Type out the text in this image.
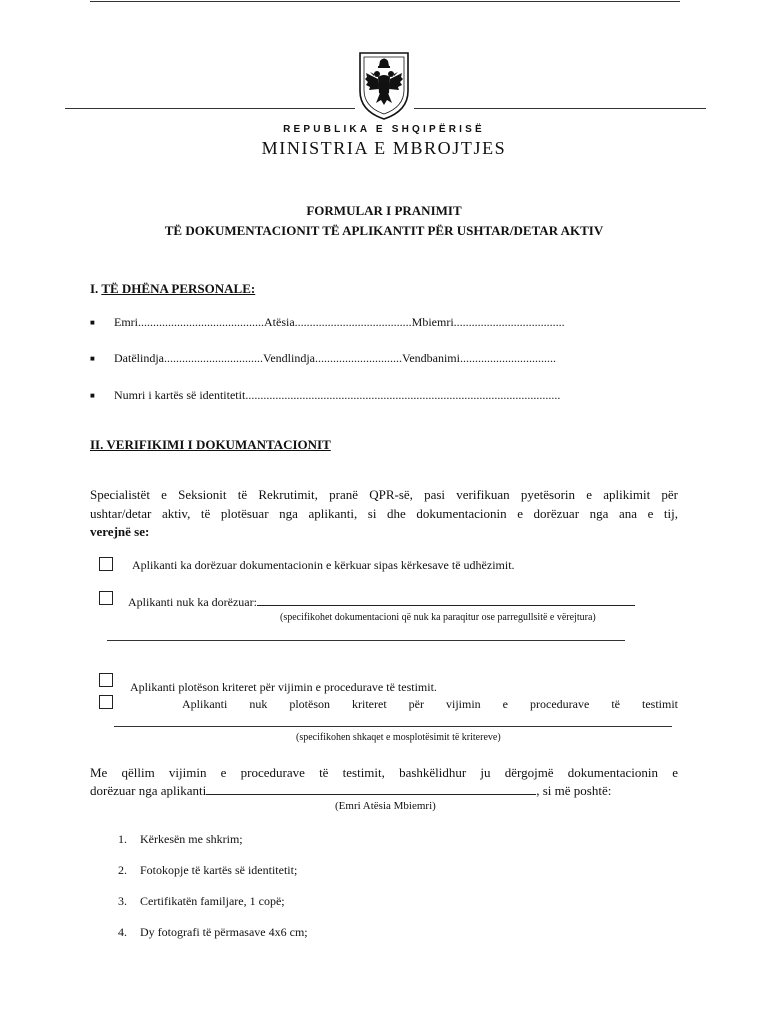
REPUBLIKA E SHQIPËRISË
MINISTRIA E MBROJTJES
FORMULAR I PRANIMIT
TË DOKUMENTACIONIT TË APLIKANTIT PËR USHTAR/DETAR AKTIV
I. TË DHËNA PERSONALE:
■ Emri..........................................Atësia.......................................Mbiemri.....................................
■ Datëlindja.................................Vendlindja.............................Vendbanimi................................
■ Numri i kartës së identitetit.........................................................................................................
II. VERIFIKIMI I DOKUMANTACIONIT
Specialistët e Seksionit të Rekrutimit, pranë QPR-së, pasi verifikuan pyetësorin e aplikimit për
ushtar/detar aktiv, të plotësuar nga aplikanti, si dhe dokumentacionin e dorëzuar nga ana e tij,
verejnë se:
Aplikanti ka dorëzuar dokumentacionin e kërkuar sipas kërkesave të udhëzimit.
Aplikanti nuk ka dorëzuar:
(specifikohet dokumentacioni që nuk ka paraqitur ose parregullsitë e vërejtura)
Aplikanti plotëson kriteret për vijimin e procedurave të testimit.
Aplikanti nuk plotëson kriteret për vijimin e procedurave të testimit
(specifikohen shkaqet e mosplotësimit të kritereve)
Me qëllim vijimin e procedurave të testimit, bashkëlidhur ju dërgojmë dokumentacionin e
dorëzuar nga aplikanti	, si më poshtë:
(Emri Atësia Mbiemri)
1. Kërkesën me shkrim;
2. Fotokopje të kartës së identitetit;
3. Certifikatën familjare, 1 copë;
4. Dy fotografi të përmasave 4x6 cm;
